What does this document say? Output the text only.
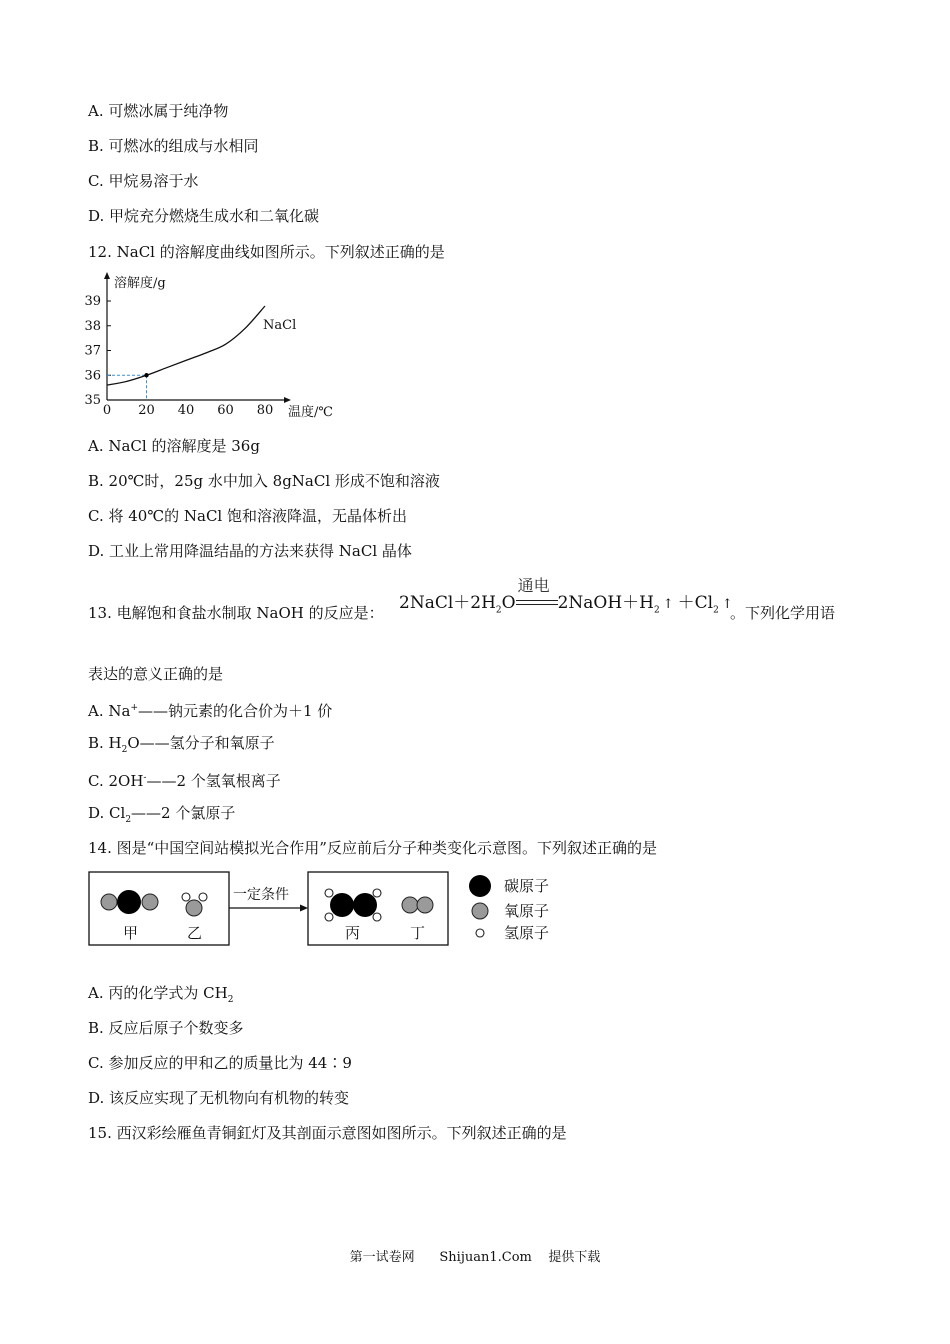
A. 可燃冰属于纯净物
B. 可燃冰的组成与水相同
C. 甲烷易溶于水
D. 甲烷充分燃烧生成水和二氧化碳
12. NaCl 的溶解度曲线如图所示。下列叙述正确的是
溶解度/g
温度/℃
0 20 40 60 80
35
36
37
38
39
NaCl
A. NaCl 的溶解度是 36g
B. 20℃时，25g 水中加入 8gNaCl 形成不饱和溶液
C. 将 40℃的 NaCl 饱和溶液降温，无晶体析出
D. 工业上常用降温结晶的方法来获得 NaCl 晶体
13. 电解饱和食盐水制取 NaOH 的反应是： $2NaCl+2H_2O$
通电
$2NaOH+H_2$ ↑ $+Cl_2$ ↑
。下列化学用语
表达的意义正确的是
A. Na+——钠元素的化合价为＋1 价
B. $H_2O——$氢分子和氧原子
C. 2OH-——2 个氢氧根离子
D. $Cl_2——2$ 个氯原子
14. 图是“中国空间站模拟光合作用”反应前后分子种类变化示意图。下列叙述正确的是
甲	乙
一定条件
丙	丁
碳原子
氧原子
氢原子
A. 丙的化学式为 $CH_2$
B. 反应后原子个数变多
C. 参加反应的甲和乙的质量比为 44∶9
D. 该反应实现了无机物向有机物的转变
15. 西汉彩绘雁鱼青铜釭灯及其剖面示意图如图所示。下列叙述正确的是
第一试卷网      Shijuan1.Com    提供下载
